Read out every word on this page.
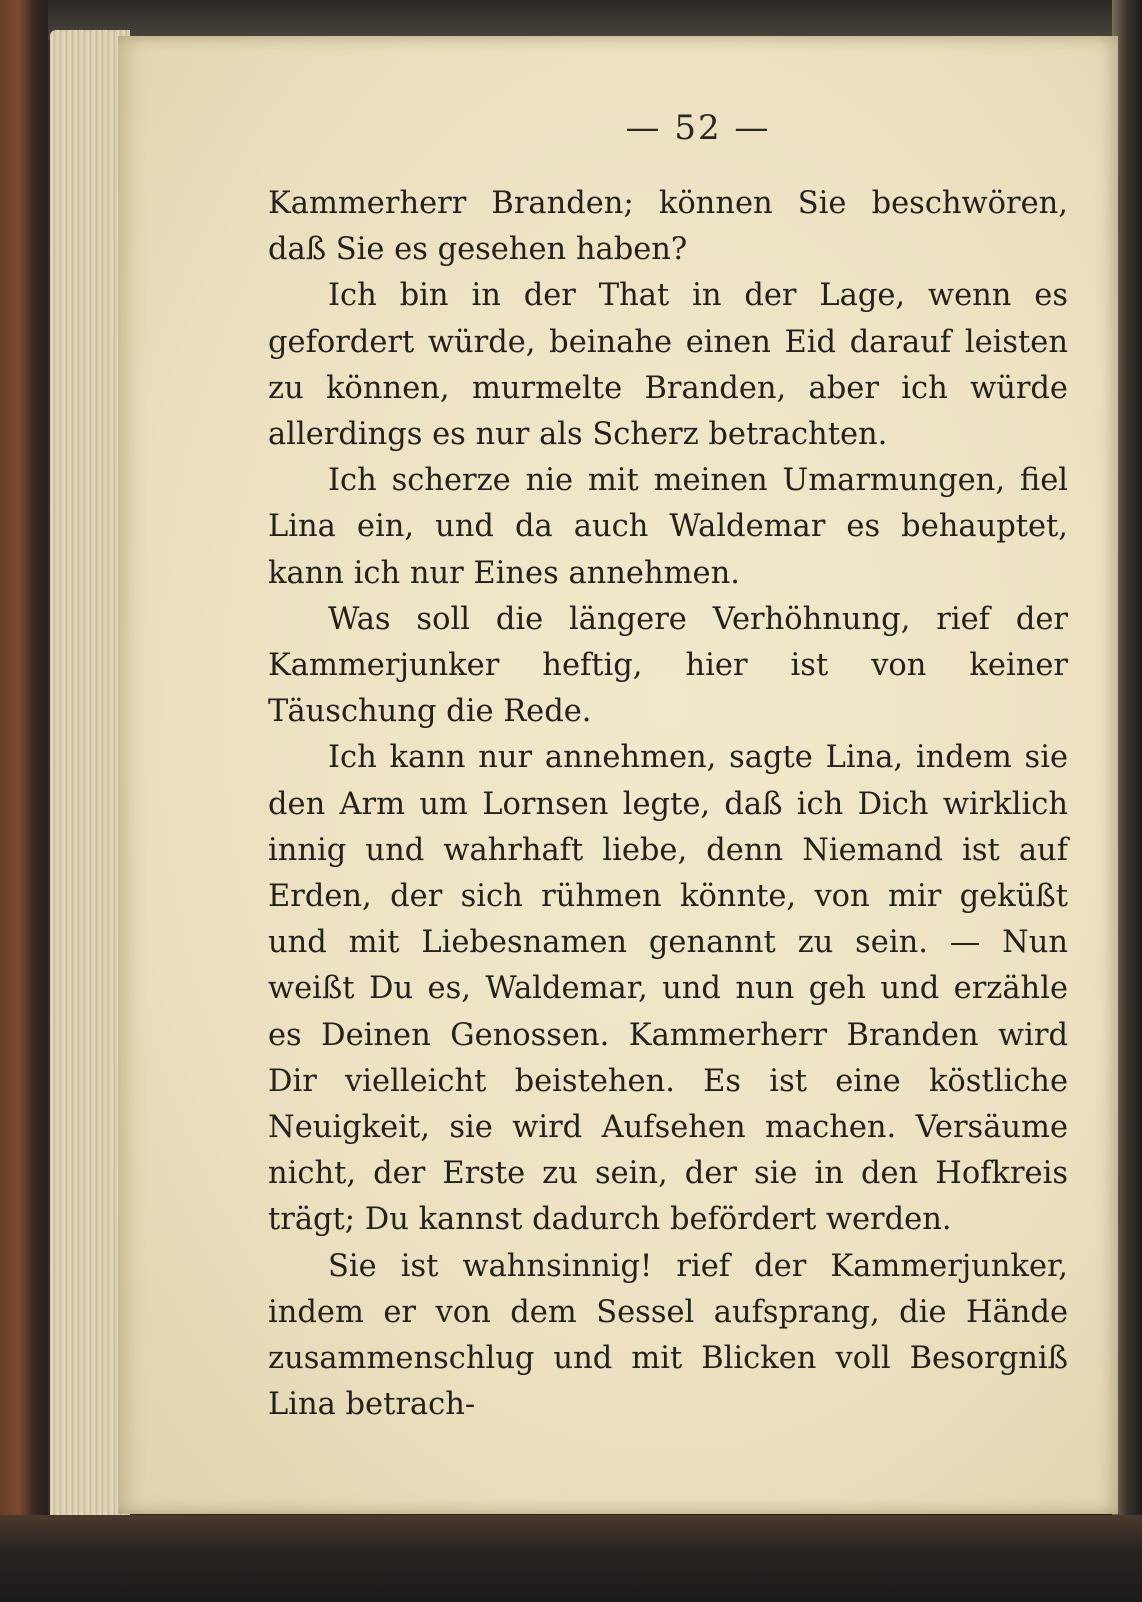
— 52 —

Kammerherr Branden; können Sie beschwören, daß Sie es gesehen haben?

Ich bin in der That in der Lage, wenn es gefordert würde, beinahe einen Eid darauf leisten zu können, murmelte Branden, aber ich würde allerdings es nur als Scherz betrachten.

Ich scherze nie mit meinen Umarmungen, fiel Lina ein, und da auch Waldemar es behauptet, kann ich nur Eines annehmen.

Was soll die längere Verhöhnung, rief der Kammerjunker heftig, hier ist von keiner Täuschung die Rede.

Ich kann nur annehmen, sagte Lina, indem sie den Arm um Lornsen legte, daß ich Dich wirklich innig und wahrhaft liebe, denn Niemand ist auf Erden, der sich rühmen könnte, von mir geküßt und mit Liebesnamen genannt zu sein. — Nun weißt Du es, Waldemar, und nun geh und erzähle es Deinen Genossen. Kammerherr Branden wird Dir vielleicht beistehen. Es ist eine köstliche Neuigkeit, sie wird Aufsehen machen. Versäume nicht, der Erste zu sein, der sie in den Hofkreis trägt; Du kannst dadurch befördert werden.

Sie ist wahnsinnig! rief der Kammerjunker, indem er von dem Sessel aufsprang, die Hände zusammenschlug und mit Blicken voll Besorgniß Lina betrach-
